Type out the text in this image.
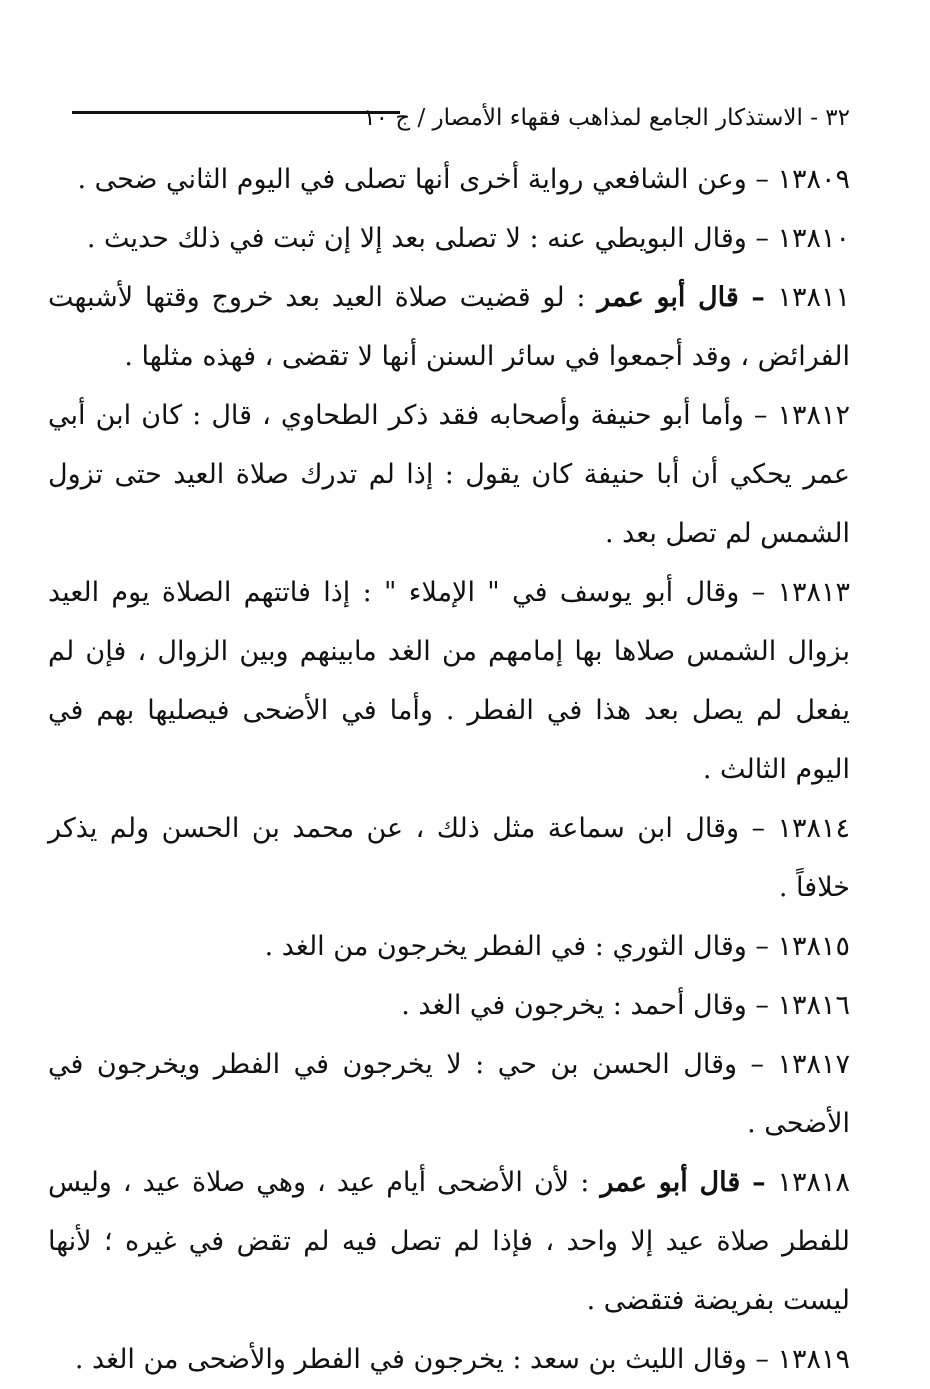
٣٢ - الاستذكار الجامع لمذاهب فقهاء الأمصار / ج ١٠

١٣٨٠٩ – وعن الشافعي رواية أخرى أنها تصلى في اليوم الثاني ضحى .

١٣٨١٠ – وقال البويطي عنه : لا تصلى بعد إلا إن ثبت في ذلك حديث .

١٣٨١١ – قال أبو عمر : لو قضيت صلاة العيد بعد خروج وقتها لأشبهت الفرائض ، وقد أجمعوا في سائر السنن أنها لا تقضى ، فهذه مثلها .

١٣٨١٢ – وأما أبو حنيفة وأصحابه فقد ذكر الطحاوي ، قال : كان ابن أبي عمر يحكي أن أبا حنيفة كان يقول : إذا لم تدرك صلاة العيد حتى تزول الشمس لم تصل بعد .

١٣٨١٣ – وقال أبو يوسف في " الإملاء " : إذا فاتتهم الصلاة يوم العيد بزوال الشمس صلاها بها إمامهم من الغد مابينهم وبين الزوال ، فإن لم يفعل لم يصل بعد هذا في الفطر . وأما في الأضحى فيصليها بهم في اليوم الثالث .

١٣٨١٤ – وقال ابن سماعة مثل ذلك ، عن محمد بن الحسن ولم يذكر خلافاً .

١٣٨١٥ – وقال الثوري : في الفطر يخرجون من الغد .

١٣٨١٦ – وقال أحمد : يخرجون في الغد .

١٣٨١٧ – وقال الحسن بن حي : لا يخرجون في الفطر ويخرجون في الأضحى .

١٣٨١٨ – قال أبو عمر : لأن الأضحى أيام عيد ، وهي صلاة عيد ، وليس للفطر صلاة عيد إلا واحد ، فإذا لم تصل فيه لم تقض في غيره ؛ لأنها ليست بفريضة فتقضى .

١٣٨١٩ – وقال الليث بن سعد : يخرجون في الفطر والأضحى من الغد .
